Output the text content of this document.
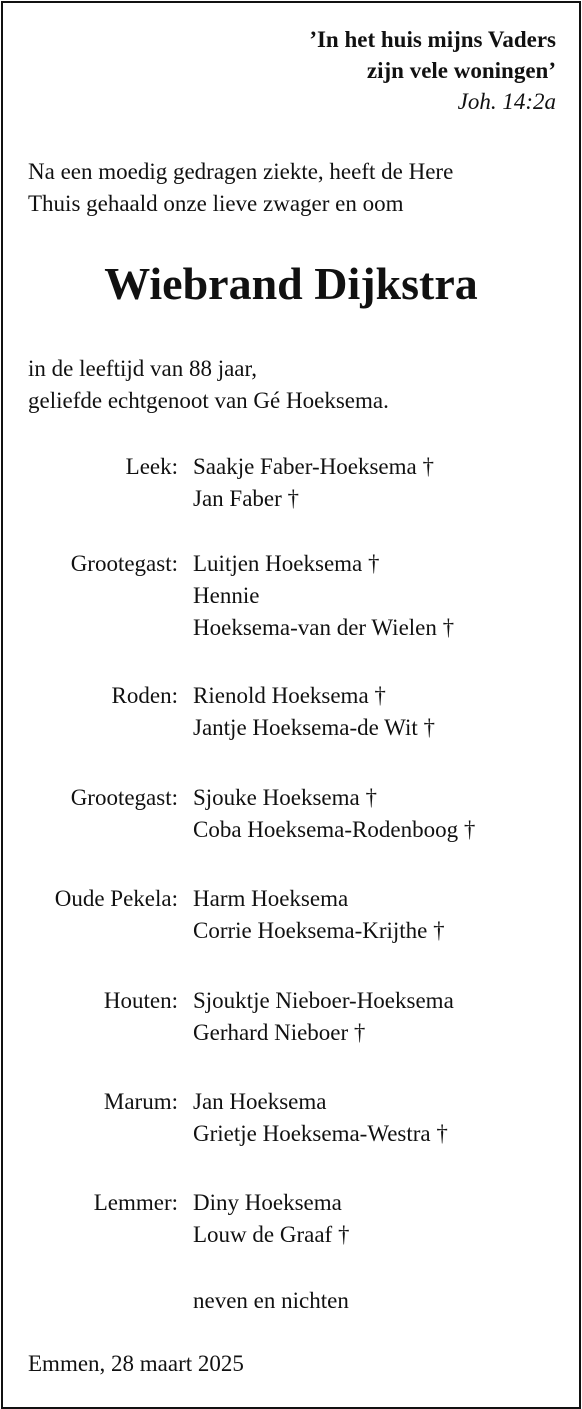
’In het huis mijns Vaders
zijn vele woningen’
Joh. 14:2a
Na een moedig gedragen ziekte, heeft de Here
Thuis gehaald onze lieve zwager en oom
Wiebrand Dijkstra
in de leeftijd van 88 jaar,
geliefde echtgenoot van Gé Hoeksema.
Leek: Saakje Faber-Hoeksema †
Jan Faber †
Grootegast: Luitjen Hoeksema †
Hennie
Hoeksema-van der Wielen †
Roden: Rienold Hoeksema †
Jantje Hoeksema-de Wit †
Grootegast: Sjouke Hoeksema †
Coba Hoeksema-Rodenboog †
Oude Pekela: Harm Hoeksema
Corrie Hoeksema-Krijthe †
Houten: Sjouktje Nieboer-Hoeksema
Gerhard Nieboer †
Marum: Jan Hoeksema
Grietje Hoeksema-Westra †
Lemmer: Diny Hoeksema
Louw de Graaf †
neven en nichten
Emmen, 28 maart 2025
